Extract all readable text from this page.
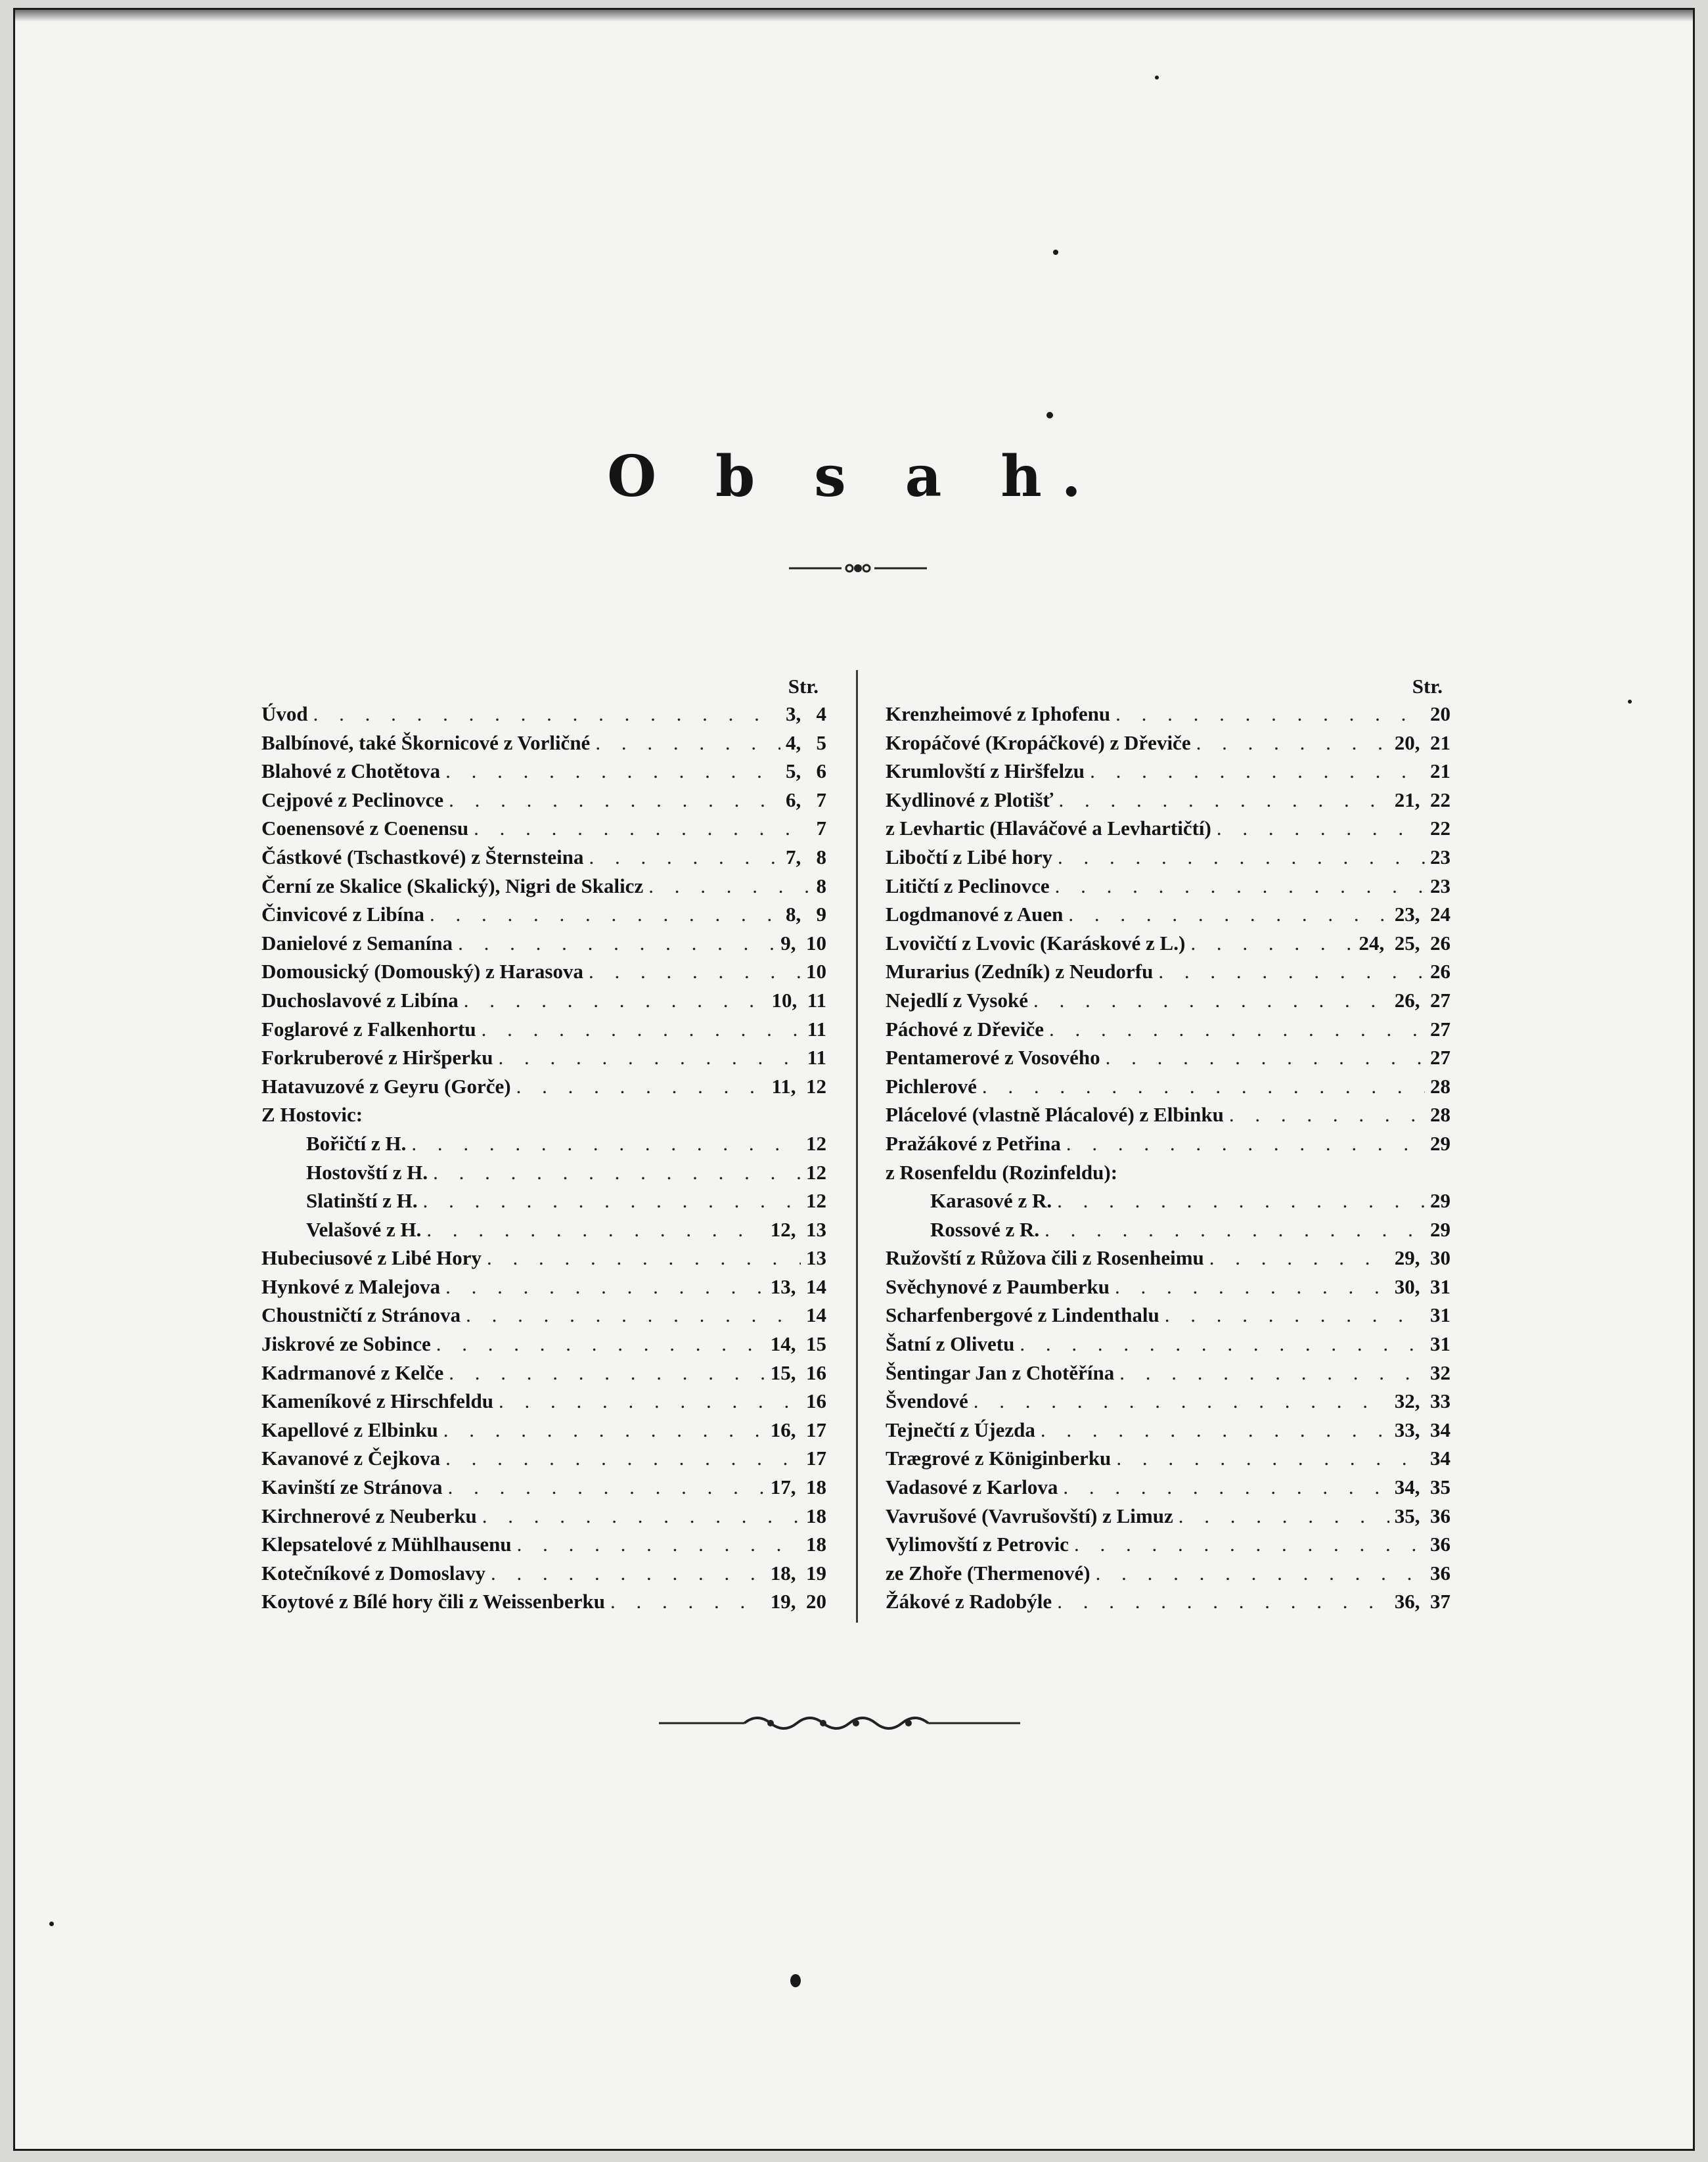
O b s a h.
Str.
Úvod . . .	3,   4
Balbínové, také Škornicové z Vorličné . . .	4,   5
Blahové z Chotětova . . .	5,   6
Cejpové z Peclinovce . . .	6,   7
Coenensové z Coenensu . . .	7
Částkové (Tschastkové) z Šternsteina . . .	7,   8
Černí ze Skalice (Skalický), Nigri de Skalicz . . .	8
Činvicové z Libína . . .	8,   9
Danielové z Semanína . . .	9,  10
Domousický (Domouský) z Harasova . . .	10
Duchoslavové z Libína . . .	10,  11
Foglarové z Falkenhortu . . .	11
Forkruberové z Hiršperku . . .	11
Hatavuzové z Geyru (Gorče) . . .	11,  12
Z Hostovic:
Bořičtí z H. . . .	12
Hostovští z H. . . .	12
Slatinští z H. . . .	12
Velašové z H. . . .	12,  13
Hubeciusové z Libé Hory . . .	13
Hynkové z Malejova . . .	13,  14
Choustničtí z Stránova . . .	14
Jiskrové ze Sobince . . .	14,  15
Kadrmanové z Kelče . . .	15,  16
Kameníkové z Hirschfeldu . . .	16
Kapellové z Elbinku . . .	16,  17
Kavanové z Čejkova . . .	17
Kavinští ze Stránova . . .	17,  18
Kirchnerové z Neuberku . . .	18
Klepsatelové z Mühlhausenu . . .	18
Kotečníkové z Domoslavy . . .	18,  19
Koytové z Bílé hory čili z Weissenberku . . .	19,  20
Str.
Krenzheimové z Iphofenu . . .	20
Kropáčové (Kropáčkové) z Dřeviče . . .	20,  21
Krumlovští z Hiršfelzu . . .	21
Kydlinové z Plotišť . . .	21,  22
z Levhartic (Hlaváčové a Levhartičtí) . . .	22
Libočtí z Libé hory . . .	23
Litičtí z Peclinovce . . .	23
Logdmanové z Auen . . .	23,  24
Lvovičtí z Lvovic (Karáskové z L.) . . .	24,  25,  26
Murarius (Zedník) z Neudorfu . . .	26
Nejedlí z Vysoké . . .	26,  27
Páchové z Dřeviče . . .	27
Pentamerové z Vosového . . .	27
Pichlerové . . .	28
Plácelové (vlastně Plácalové) z Elbinku . . .	28
Pražákové z Petřina . . .	29
z Rosenfeldu (Rozinfeldu):
Karasové z R. . . .	29
Rossové z R. . . .	29
Ružovští z Růžova čili z Rosenheimu . . .	29,  30
Svěchynové z Paumberku . . .	30,  31
Scharfenbergové z Lindenthalu . . .	31
Šatní z Olivetu . . .	31
Šentingar Jan z Chotěřína . . .	32
Švendové . . .	32,  33
Tejnečtí z Újezda . . .	33,  34
Trægrové z Königinberku . . .	34
Vadasové z Karlova . . .	34,  35
Vavrušové (Vavrušovští) z Limuz . . .	35,  36
Vylimovští z Petrovic . . .	36
ze Zhoře (Thermenové) . . .	36
Žákové z Radobýle . . .	36,  37
